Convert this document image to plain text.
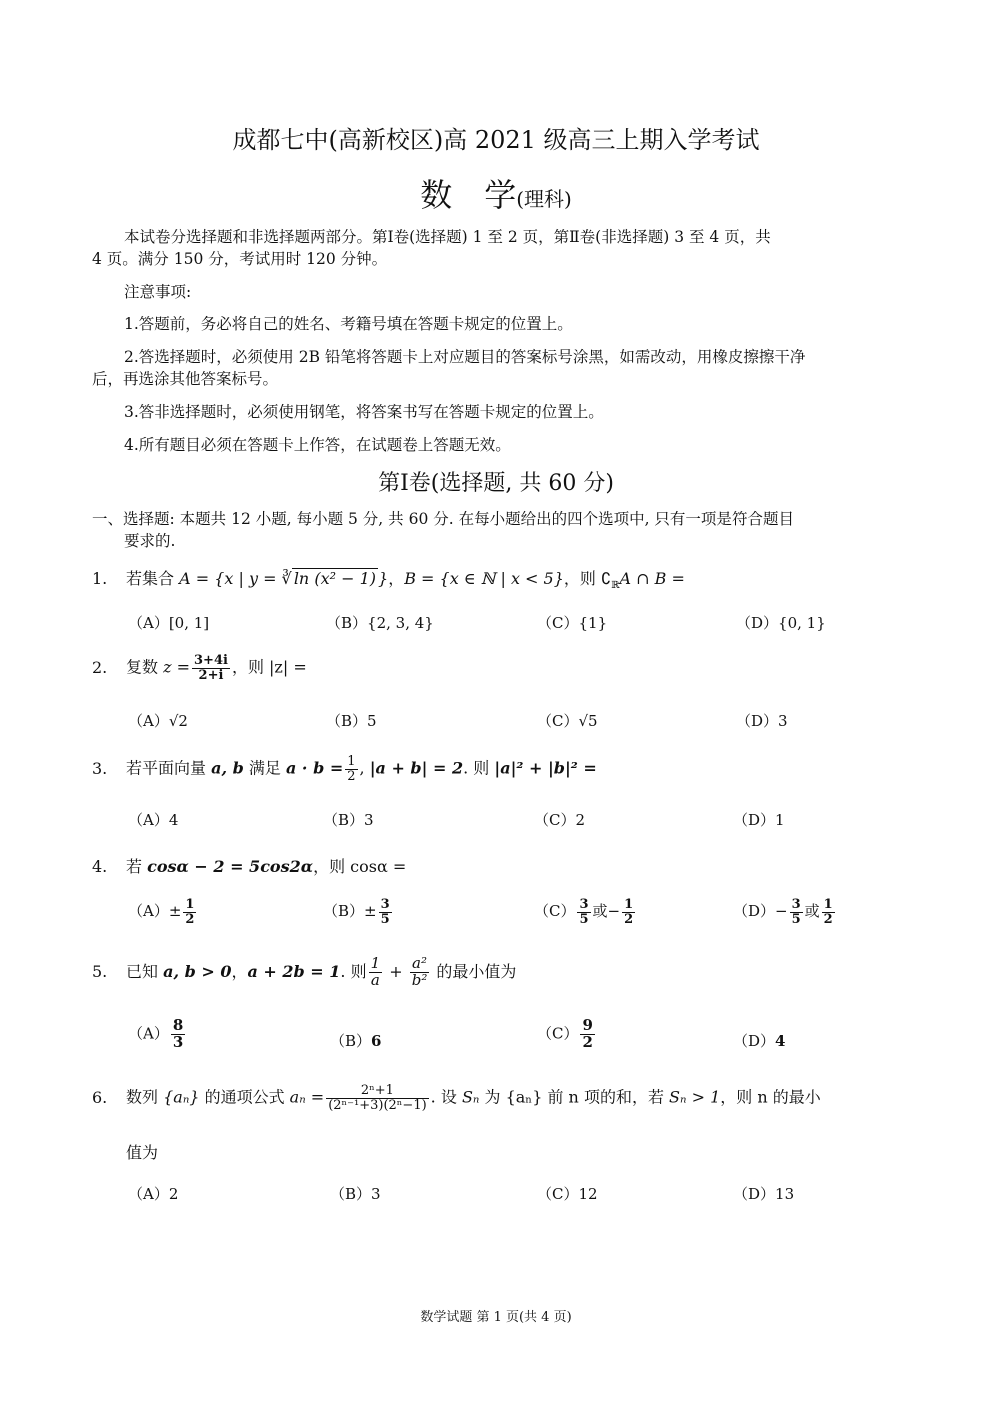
成都七中(高新校区)高 2021 级高三上期入学考试
数　学(理科)
本试卷分选择题和非选择题两部分。第Ⅰ卷(选择题) 1 至 2 页，第Ⅱ卷(非选择题) 3 至 4 页，共
4 页。满分 150 分，考试用时 120 分钟。
注意事项:
1.答题前，务必将自己的姓名、考籍号填在答题卡规定的位置上。
2.答选择题时，必须使用 2B 铅笔将答题卡上对应题目的答案标号涂黑，如需改动，用橡皮擦擦干净
后，再选涂其他答案标号。
3.答非选择题时，必须使用钢笔，将答案书写在答题卡规定的位置上。
4.所有题目必须在答题卡上作答，在试题卷上答题无效。
第Ⅰ卷(选择题, 共 60 分)
一、选择题: 本题共 12 小题, 每小题 5 分, 共 60 分. 在每小题给出的四个选项中, 只有一项是符合题目
要求的.
1. 若集合 A = {x | y = ∛ ln (x² − 1) }，B = {x ∈ ℕ | x < 5}，则 $∁_ℝA$ ∩ B =
（A）[0, 1]	（B）{2, 3, 4}	（C）{1}	（D）{0, 1}
2. 复数 $z = \frac{3+4i}{2+i}$ ，则 |z| =
（A）√2	（B）5	（C）√5	（D）3
3. 若平面向量 a, b 满足 $a \cdot b = \frac{1}{2}$ , |a + b| = 2. 则 |a|² + |b|² =
（A）4	（B）3	（C）2	（D）1
4. 若 cosα − 2 = 5cos2α，则 cosα =
$(A)\pm \frac{1}{2}$	$(B)\pm \frac{3}{5}$	$(C) \frac{3}{5}$ 或− $\frac{1}{2}$	$(D)- \frac{3}{5}$ 或 $\frac{1}{2}$
5. 已知 a, b > 0，a + 2b = 1. 则 $\frac{1}{a} + \frac{\text{a²}}{\text{b²}}$ 的最小值为
$(A) \frac{8}{3}$	（B）6	$(C) \frac{9}{2}$	（D）4
6. 数列 {aₙ} 的通项公式 $a_n = \frac{\text{2ⁿ+1}}{\text{(2ⁿ⁻¹+3)(2ⁿ−1)}}$ . 设 Sₙ 为 {aₙ} 前 n 项的和，若 Sₙ > 1，则 n 的最小
值为
（A）2	（B）3	（C）12	（D）13
数学试题 第 1 页(共 4 页)
